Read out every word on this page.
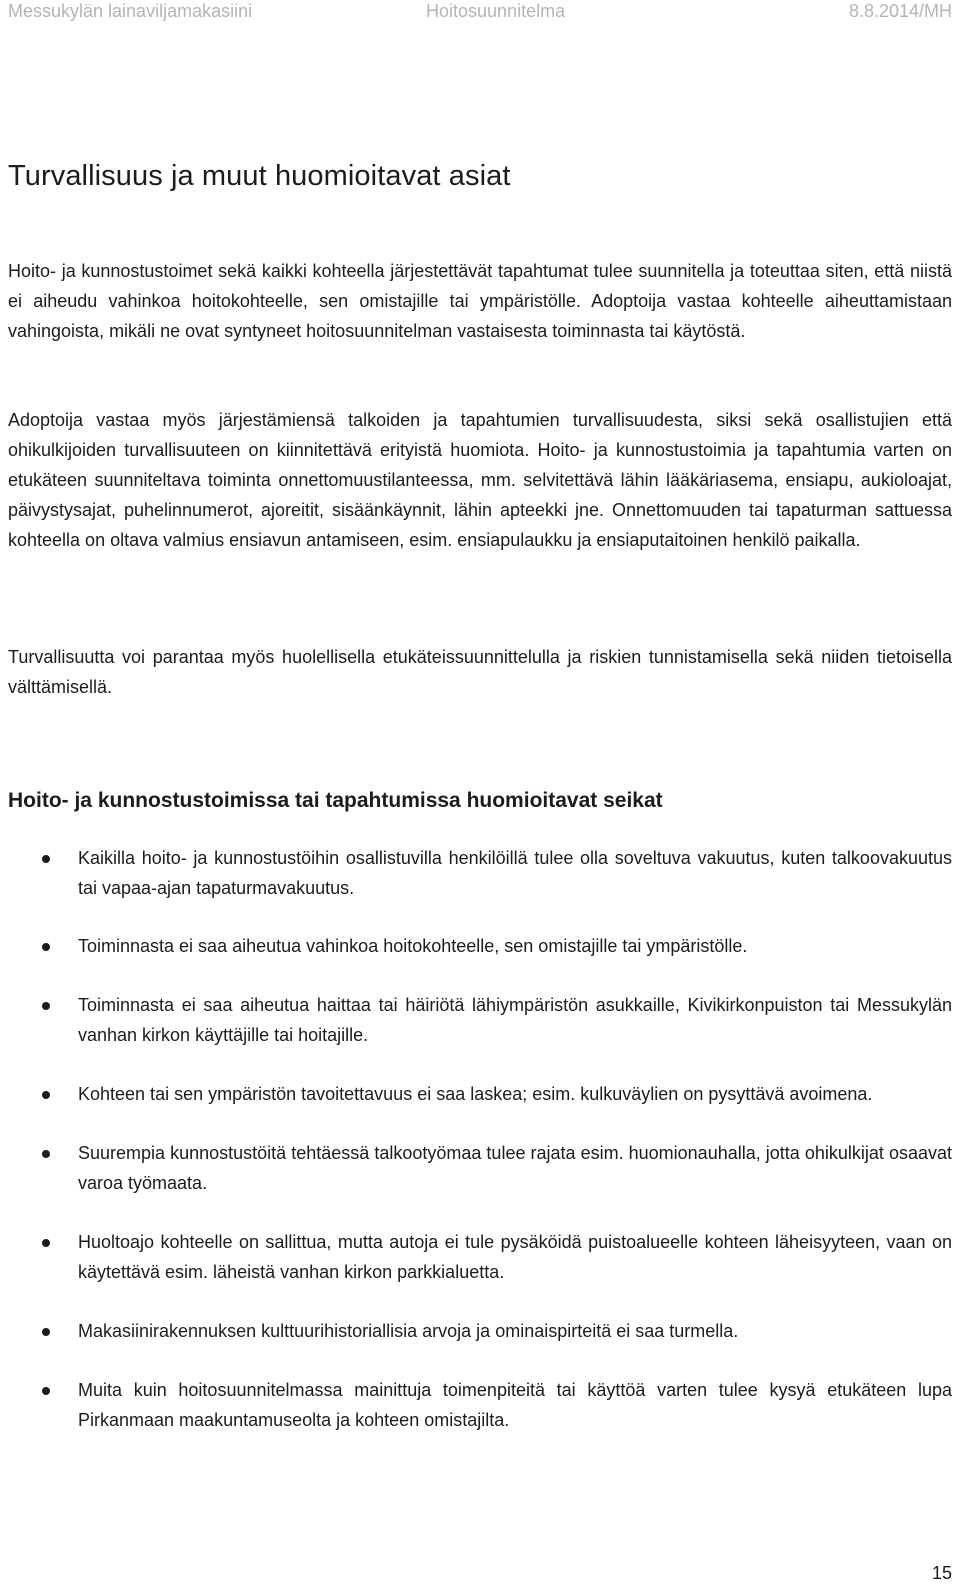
Messukylän lainaviljamakasiini	Hoitosuunnitelma	8.8.2014/MH
Turvallisuus ja muut huomioitavat asiat

Hoito- ja kunnostustoimet sekä kaikki kohteella järjestettävät tapahtumat tulee suunnitella ja toteuttaa siten, että niistä ei aiheudu vahinkoa hoitokohteelle, sen omistajille tai ympäristölle. Adoptoija vastaa kohteelle aiheuttamistaan vahingoista, mikäli ne ovat syntyneet hoitosuunnitelman vastaisesta toiminnasta tai käytöstä.

Adoptoija vastaa myös järjestämiensä talkoiden ja tapahtumien turvallisuudesta, siksi sekä osallistujien että ohikulkijoiden turvallisuuteen on kiinnitettävä erityistä huomiota. Hoito- ja kunnostustoimia ja tapahtumia varten on etukäteen suunniteltava toiminta onnettomuustilanteessa, mm. selvitettävä lähin lääkäriasema, ensiapu, aukioloajat, päivystysajat, puhelinnumerot, ajoreitit, sisäänkäynnit, lähin apteekki jne. Onnettomuuden tai tapaturman sattuessa kohteella on oltava valmius ensiavun antamiseen, esim. ensiapulaukku ja ensiaputaitoinen henkilö paikalla.

Turvallisuutta voi parantaa myös huolellisella etukäteissuunnittelulla ja riskien tunnistamisella sekä niiden tietoisella välttämisellä.

Hoito- ja kunnostustoimissa tai tapahtumissa huomioitavat seikat
Kaikilla hoito- ja kunnostustöihin osallistuvilla henkilöillä tulee olla soveltuva vakuutus, kuten talkoovakuutus tai vapaa-ajan tapaturmavakuutus.
Toiminnasta ei saa aiheutua vahinkoa hoitokohteelle, sen omistajille tai ympäristölle.
Toiminnasta ei saa aiheutua haittaa tai häiriötä lähiympäristön asukkaille, Kivikirkonpuiston tai Messukylän vanhan kirkon käyttäjille tai hoitajille.
Kohteen tai sen ympäristön tavoitettavuus ei saa laskea; esim. kulkuväylien on pysyttävä avoimena.
Suurempia kunnostustöitä tehtäessä talkootyömaa tulee rajata esim. huomionauhalla, jotta ohikulkijat osaavat varoa työmaata.
Huoltoajo kohteelle on sallittua, mutta autoja ei tule pysäköidä puistoalueelle kohteen läheisyyteen, vaan on käytettävä esim. läheistä vanhan kirkon parkkialuetta.
Makasiinirakennuksen kulttuurihistoriallisia arvoja ja ominaispirteitä ei saa turmella.
Muita kuin hoitosuunnitelmassa mainittuja toimenpiteitä tai käyttöä varten tulee kysyä etukäteen lupa Pirkanmaan maakuntamuseolta ja kohteen omistajilta.
15
